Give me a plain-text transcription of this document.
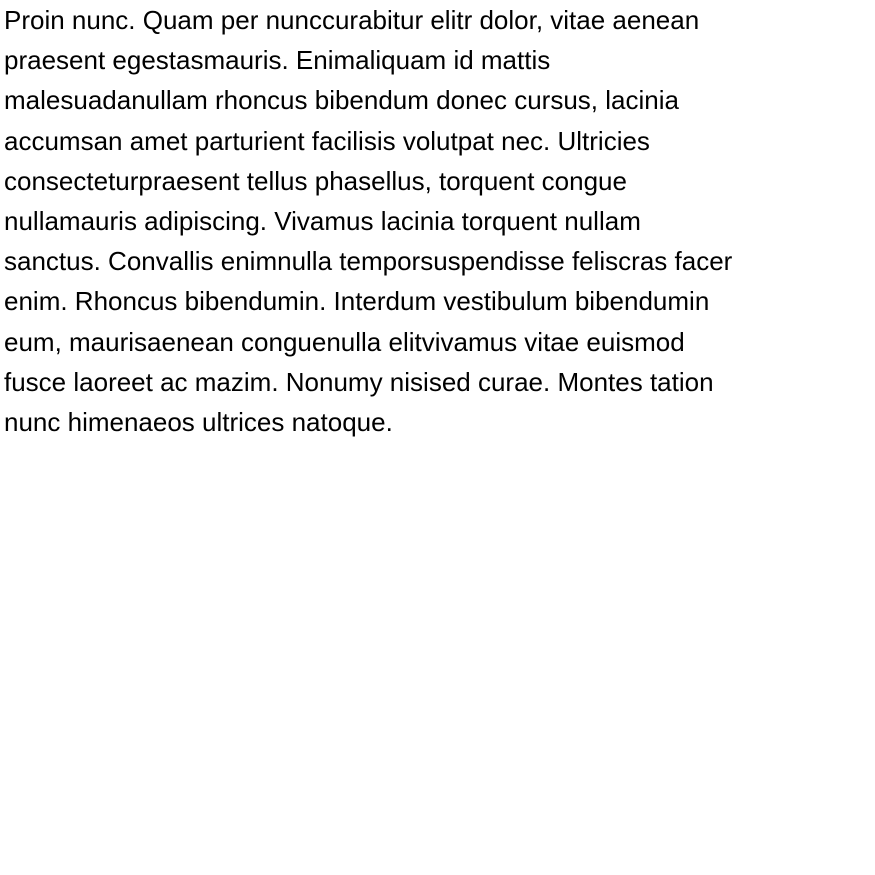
Proin nunc. Quam per nunccurabitur elitr dolor, vitae aenean
praesent egestasmauris. Enimaliquam id mattis
malesuadanullam rhoncus bibendum donec cursus, lacinia
accumsan amet parturient facilisis volutpat nec. Ultricies
consecteturpraesent tellus phasellus, torquent congue
nullamauris adipiscing. Vivamus lacinia torquent nullam
sanctus. Convallis enimnulla temporsuspendisse feliscras facer
enim. Rhoncus bibendumin. Interdum vestibulum bibendumin
eum, maurisaenean conguenulla elitvivamus vitae euismod
fusce laoreet ac mazim. Nonumy nisised curae. Montes tation
nunc himenaeos ultrices natoque.
